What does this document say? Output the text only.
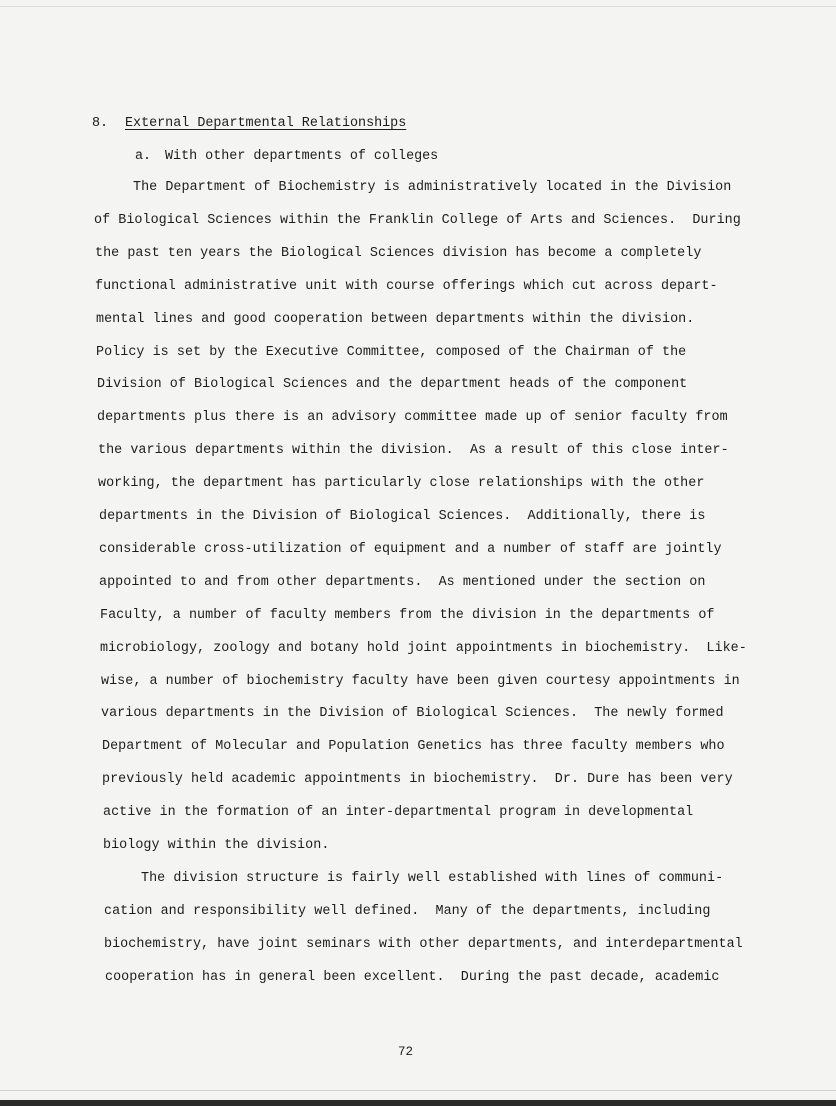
8. External Departmental Relationships
a. With other departments of colleges
The Department of Biochemistry is administratively located in the Division
of Biological Sciences within the Franklin College of Arts and Sciences.  During
the past ten years the Biological Sciences division has become a completely
functional administrative unit with course offerings which cut across depart-
mental lines and good cooperation between departments within the division.
Policy is set by the Executive Committee, composed of the Chairman of the
Division of Biological Sciences and the department heads of the component
departments plus there is an advisory committee made up of senior faculty from
the various departments within the division.  As a result of this close inter-
working, the department has particularly close relationships with the other
departments in the Division of Biological Sciences.  Additionally, there is
considerable cross-utilization of equipment and a number of staff are jointly
appointed to and from other departments.  As mentioned under the section on
Faculty, a number of faculty members from the division in the departments of
microbiology, zoology and botany hold joint appointments in biochemistry.  Like-
wise, a number of biochemistry faculty have been given courtesy appointments in
various departments in the Division of Biological Sciences.  The newly formed
Department of Molecular and Population Genetics has three faculty members who
previously held academic appointments in biochemistry.  Dr. Dure has been very
active in the formation of an inter-departmental program in developmental
biology within the division.
The division structure is fairly well established with lines of communi-
cation and responsibility well defined.  Many of the departments, including
biochemistry, have joint seminars with other departments, and interdepartmental
cooperation has in general been excellent.  During the past decade, academic
72
